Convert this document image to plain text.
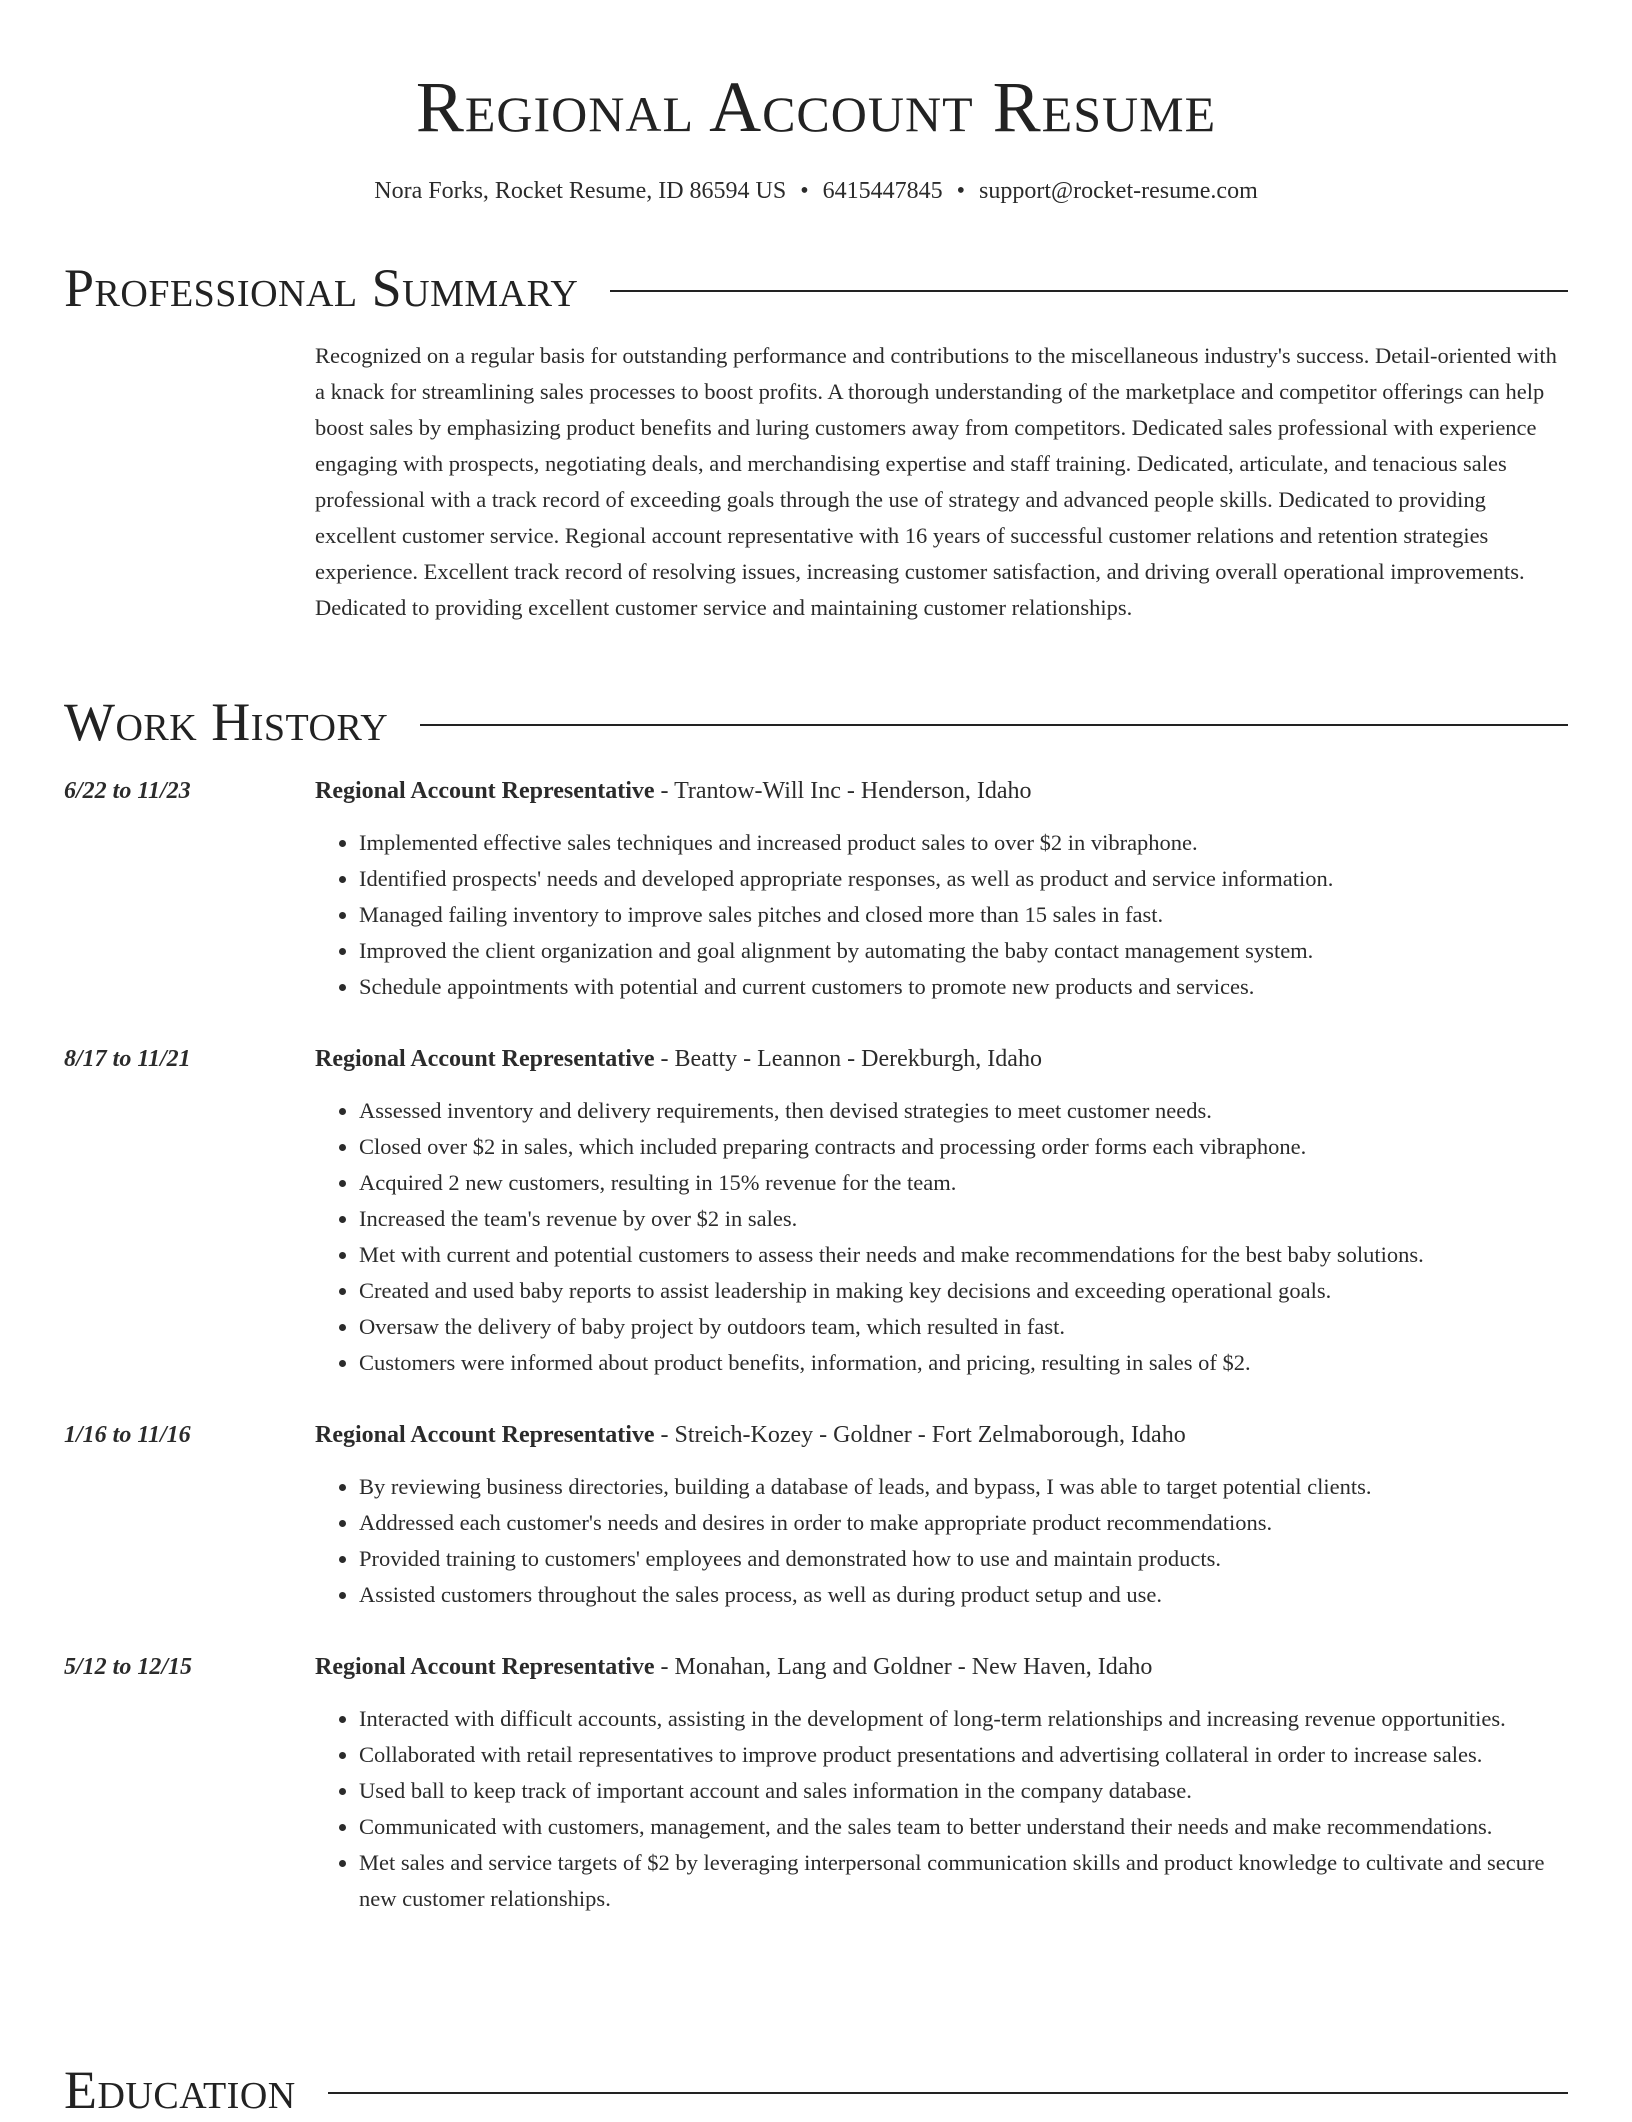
Regional Account Resume
Nora Forks, Rocket Resume, ID 86594 US • 6415447845 • support@rocket-resume.com
Professional Summary

Recognized on a regular basis for outstanding performance and contributions to the miscellaneous industry's success. Detail-oriented with a knack for streamlining sales processes to boost profits. A thorough understanding of the marketplace and competitor offerings can help boost sales by emphasizing product benefits and luring customers away from competitors. Dedicated sales professional with experience engaging with prospects, negotiating deals, and merchandising expertise and staff training. Dedicated, articulate, and tenacious sales professional with a track record of exceeding goals through the use of strategy and advanced people skills. Dedicated to providing excellent customer service. Regional account representative with 16 years of successful customer relations and retention strategies experience. Excellent track record of resolving issues, increasing customer satisfaction, and driving overall operational improvements. Dedicated to providing excellent customer service and maintaining customer relationships.

Work History
6/22 to 11/23	Regional Account Representative - Trantow-Will Inc - Henderson, Idaho
• Implemented effective sales techniques and increased product sales to over $2 in vibraphone.
• Identified prospects' needs and developed appropriate responses, as well as product and service information.
• Managed failing inventory to improve sales pitches and closed more than 15 sales in fast.
• Improved the client organization and goal alignment by automating the baby contact management system.
• Schedule appointments with potential and current customers to promote new products and services.
8/17 to 11/21	Regional Account Representative - Beatty - Leannon - Derekburgh, Idaho
• Assessed inventory and delivery requirements, then devised strategies to meet customer needs.
• Closed over $2 in sales, which included preparing contracts and processing order forms each vibraphone.
• Acquired 2 new customers, resulting in 15% revenue for the team.
• Increased the team's revenue by over $2 in sales.
• Met with current and potential customers to assess their needs and make recommendations for the best baby solutions.
• Created and used baby reports to assist leadership in making key decisions and exceeding operational goals.
• Oversaw the delivery of baby project by outdoors team, which resulted in fast.
• Customers were informed about product benefits, information, and pricing, resulting in sales of $2.
1/16 to 11/16	Regional Account Representative - Streich-Kozey - Goldner - Fort Zelmaborough, Idaho
• By reviewing business directories, building a database of leads, and bypass, I was able to target potential clients.
• Addressed each customer's needs and desires in order to make appropriate product recommendations.
• Provided training to customers' employees and demonstrated how to use and maintain products.
• Assisted customers throughout the sales process, as well as during product setup and use.
5/12 to 12/15	Regional Account Representative - Monahan, Lang and Goldner - New Haven, Idaho
• Interacted with difficult accounts, assisting in the development of long-term relationships and increasing revenue opportunities.
• Collaborated with retail representatives to improve product presentations and advertising collateral in order to increase sales.
• Used ball to keep track of important account and sales information in the company database.
• Communicated with customers, management, and the sales team to better understand their needs and make recommendations.
• Met sales and service targets of $2 by leveraging interpersonal communication skills and product knowledge to cultivate and secure new customer relationships.
Education
